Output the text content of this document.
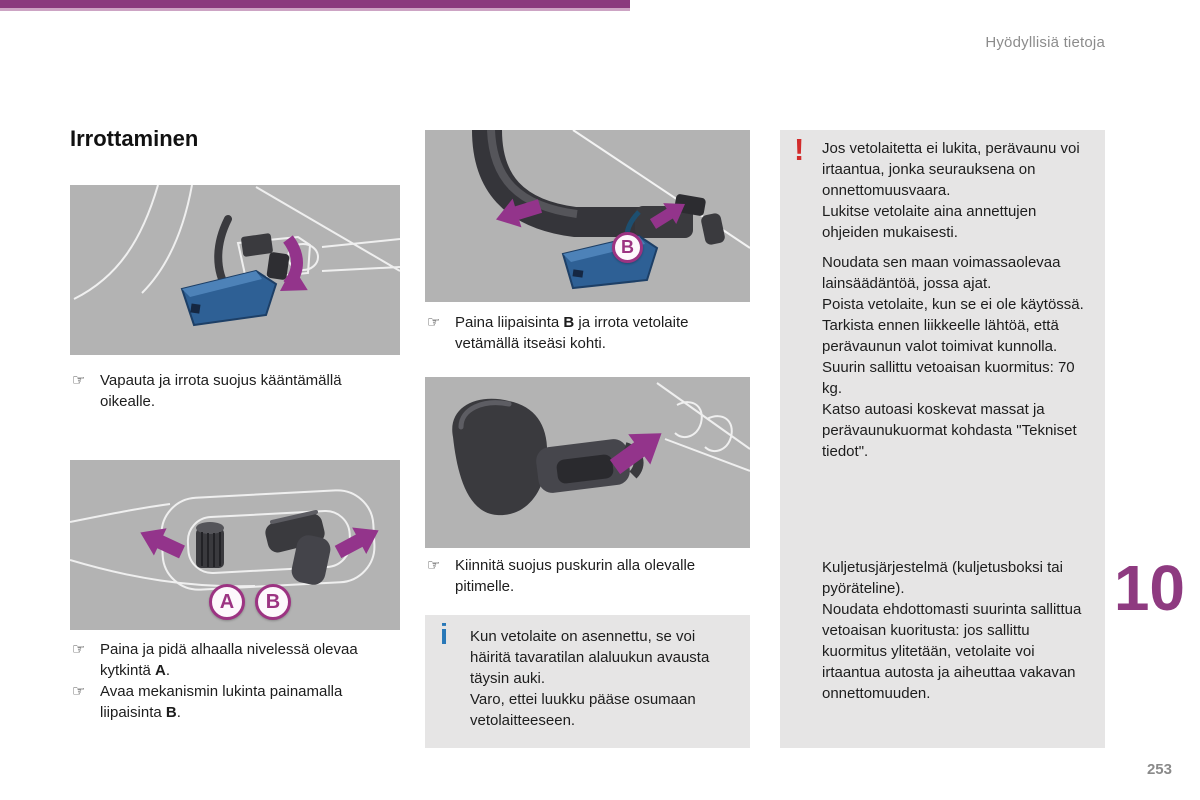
Hyödyllisiä tietoja
Irrottaminen
☞ Vapauta ja irrota suojus kääntämällä oikealle.
A B
☞ Paina ja pidä alhaalla nivelessä olevaa kytkintä A.
☞ Avaa mekanismin lukinta painamalla liipaisinta B.
B
☞ Paina liipaisinta B ja irrota vetolaite vetämällä itseäsi kohti.
☞ Kiinnitä suojus puskurin alla olevalle pitimelle.
i Kun vetolaite on asennettu, se voi häiritä tavaratilan alaluukun avausta täysin auki.
Varo, ettei luukku pääse osumaan vetolaitteeseen.
! Jos vetolaitetta ei lukita, perävaunu voi irtaantua, jonka seurauksena on onnettomuusvaara.
Lukitse vetolaite aina annettujen ohjeiden mukaisesti.
Noudata sen maan voimassaolevaa lainsäädäntöä, jossa ajat.
Poista vetolaite, kun se ei ole käytössä.
Tarkista ennen liikkeelle lähtöä, että perävaunun valot toimivat kunnolla.
Suurin sallittu vetoaisan kuormitus: 70 kg.
Katso autoasi koskevat massat ja perävaunukuormat kohdasta "Tekniset tiedot".
Kuljetusjärjestelmä (kuljetusboksi tai pyöräteline).
Noudata ehdottomasti suurinta sallittua vetoaisan kuoritusta: jos sallittu kuormitus ylitetään, vetolaite voi irtaantua autosta ja aiheuttaa vakavan onnettomuuden.
10
253
